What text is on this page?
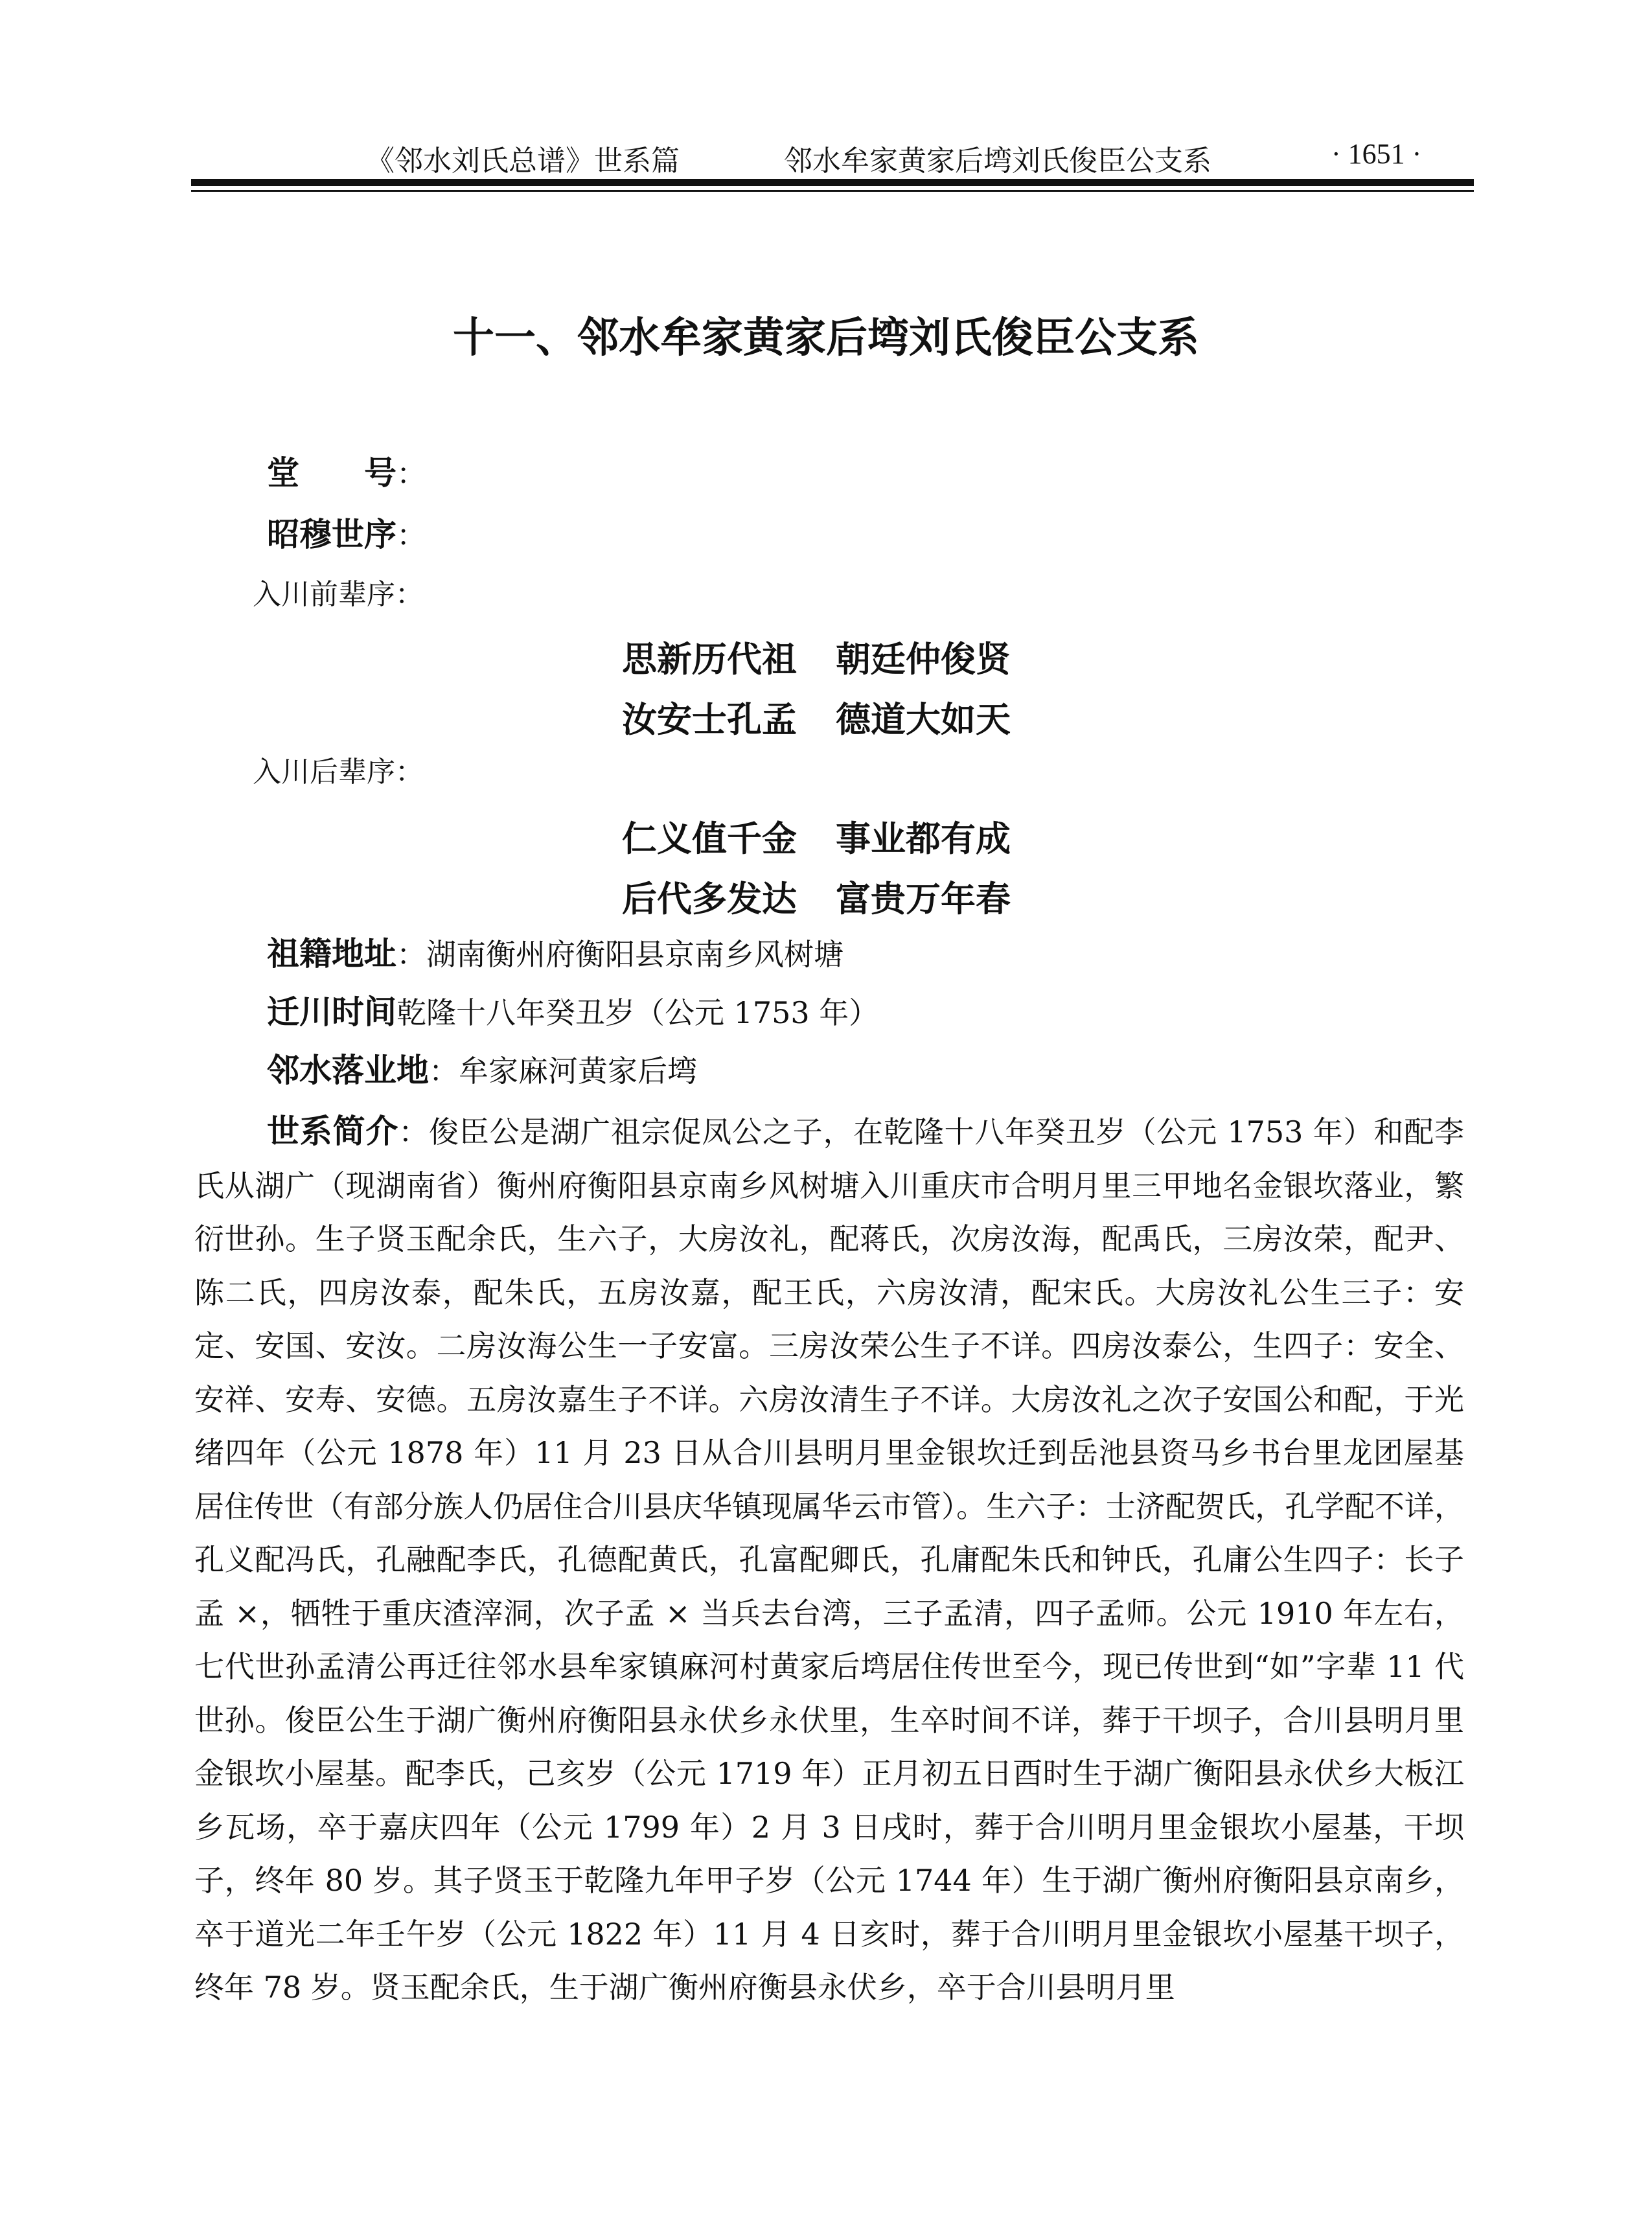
《邻水刘氏总谱》世系篇	邻水牟家黄家后塆刘氏俊臣公支系	· 1651 ·
十一、邻水牟家黄家后塆刘氏俊臣公支系
堂　　号：
昭穆世序：
入川前辈序：
思新历代祖 朝廷仲俊贤
汝安士孔孟 德道大如天
入川后辈序：
仁义值千金 事业都有成
后代多发达 富贵万年春
祖籍地址：湖南衡州府衡阳县京南乡风树塘
迁川时间乾隆十八年癸丑岁（公元 1753 年）
邻水落业地：牟家麻河黄家后塆
世系简介：俊臣公是湖广祖宗促凤公之子，在乾隆十八年癸丑岁（公元 1753 年）和配李氏从湖广（现湖南省）衡州府衡阳县京南乡风树塘入川重庆市合明月里三甲地名金银坎落业，繁衍世孙。生子贤玉配余氏，生六子，大房汝礼，配蒋氏，次房汝海，配禹氏，三房汝荣，配尹、陈二氏，四房汝泰，配朱氏，五房汝嘉，配王氏，六房汝清，配宋氏。大房汝礼公生三子：安定、安国、安汝。二房汝海公生一子安富。三房汝荣公生子不详。四房汝泰公，生四子：安全、安祥、安寿、安德。五房汝嘉生子不详。六房汝清生子不详。大房汝礼之次子安国公和配，于光绪四年（公元 1878 年）11 月 23 日从合川县明月里金银坎迁到岳池县资马乡书台里龙团屋基居住传世（有部分族人仍居住合川县庆华镇现属华云市管）。生六子：士济配贺氏，孔学配不详，孔义配冯氏，孔融配李氏，孔德配黄氏，孔富配卿氏，孔庸配朱氏和钟氏，孔庸公生四子：长子孟 ×，牺牲于重庆渣滓洞，次子孟 × 当兵去台湾，三子孟清，四子孟师。公元 1910 年左右，七代世孙孟清公再迁往邻水县牟家镇麻河村黄家后塆居住传世至今，现已传世到“如”字辈 11 代世孙。俊臣公生于湖广衡州府衡阳县永伏乡永伏里，生卒时间不详，葬于干坝子，合川县明月里金银坎小屋基。配李氏，己亥岁（公元 1719 年）正月初五日酉时生于湖广衡阳县永伏乡大板江乡瓦场，卒于嘉庆四年（公元 1799 年）2 月 3 日戌时，葬于合川明月里金银坎小屋基，干坝子，终年 80 岁。其子贤玉于乾隆九年甲子岁（公元 1744 年）生于湖广衡州府衡阳县京南乡，卒于道光二年壬午岁（公元 1822 年）11 月 4 日亥时，葬于合川明月里金银坎小屋基干坝子，终年 78 岁。贤玉配余氏，生于湖广衡州府衡县永伏乡，卒于合川县明月里
